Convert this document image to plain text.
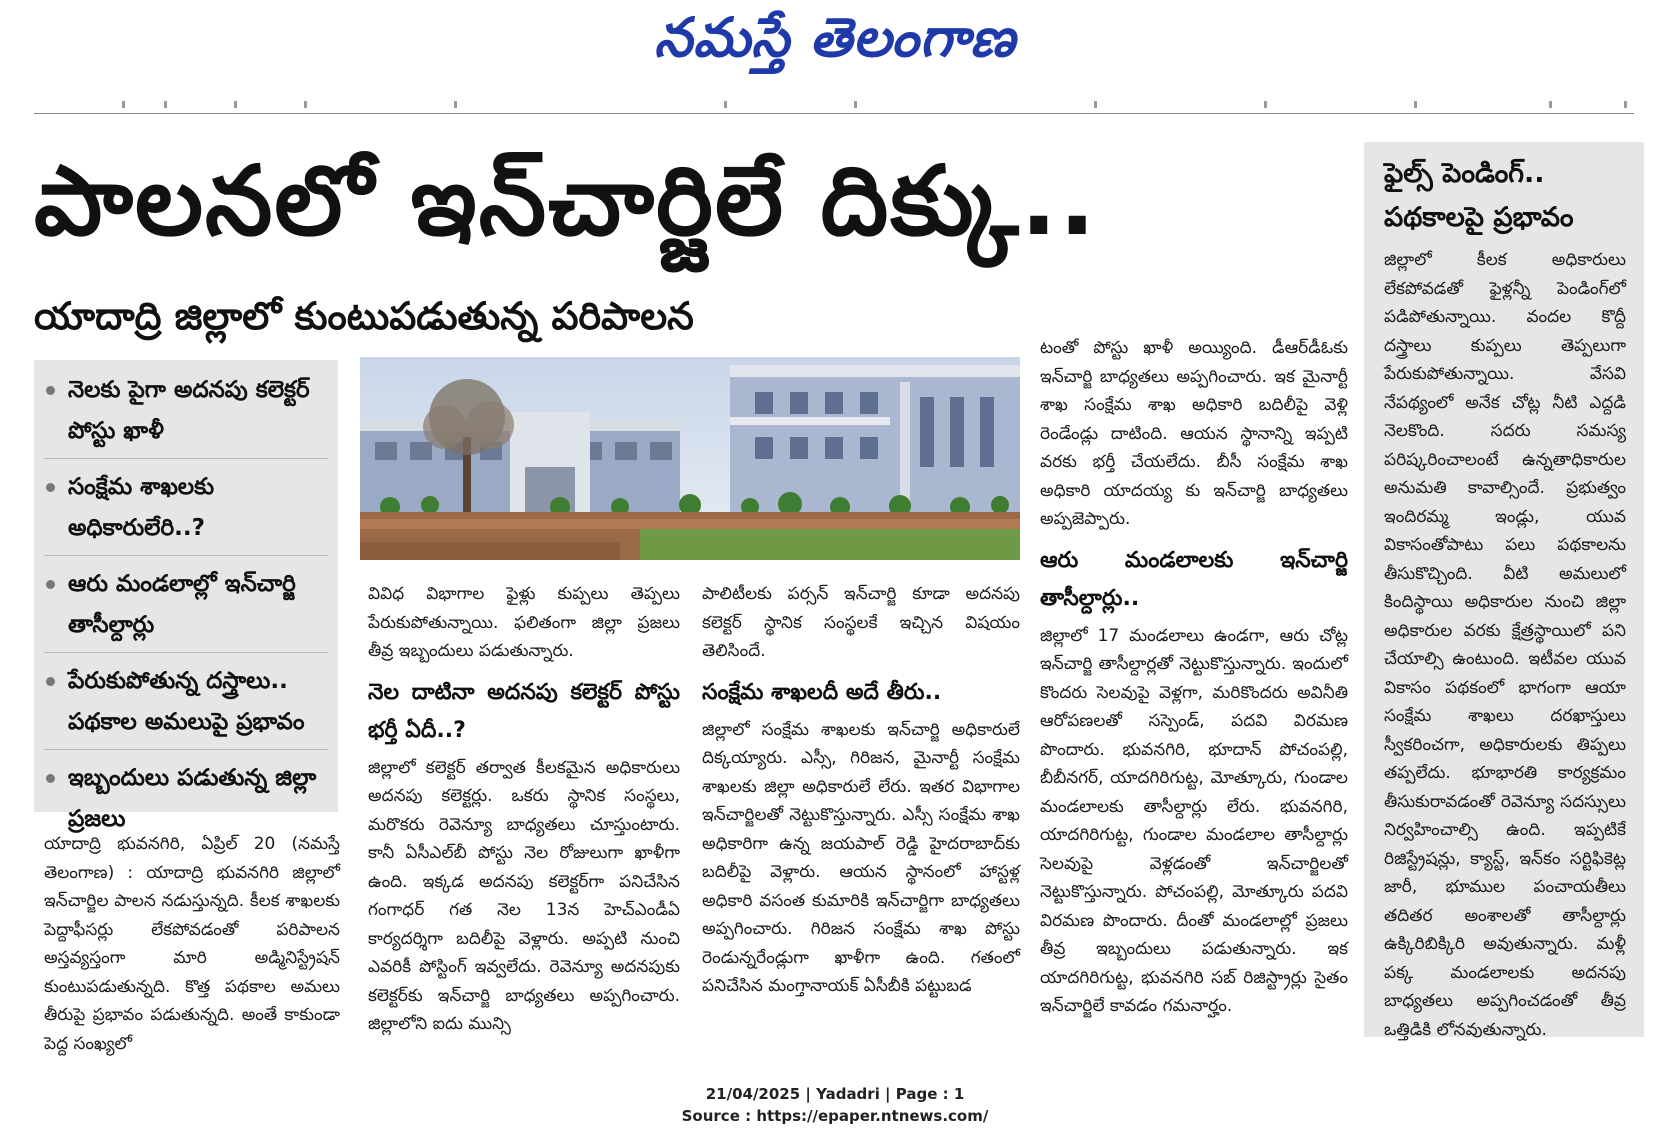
నమస్తే తెలంగాణ
పాలనలో ఇన్‌చార్జిలే దిక్కు..
యాదాద్రి జిల్లాలో కుంటుపడుతున్న పరిపాలన
నెలకు పైగా అదనపు కలెక్టర్ పోస్టు ఖాళీ
సంక్షేమ శాఖలకు అధికారులేరి..?
ఆరు మండలాల్లో ఇన్‌చార్జి తాసీల్దార్లు
పేరుకుపోతున్న దస్త్రాలు.. పథకాల అమలుపై ప్రభావం
ఇబ్బందులు పడుతున్న జిల్లా ప్రజలు

యాదాద్రి భువనగిరి, ఏప్రిల్ 20 (నమస్తే తెలంగాణ) : యాదాద్రి భువనగిరి జిల్లాలో ఇన్‌చార్జిల పాలన నడుస్తున్నది. కీలక శాఖలకు పెద్దాఫీసర్లు లేకపోవడంతో పరిపాలన అస్తవ్యస్తంగా మారి అడ్మినిస్ట్రేషన్ కుంటుపడుతున్నది. కొత్త పథకాల అమలు తీరుపై ప్రభావం పడుతున్నది. అంతే కాకుండా పెద్ద సంఖ్యలో

వివిధ విభాగాల ఫైళ్లు కుప్పలు తెప్పలు పేరుకుపోతున్నాయి. ఫలితంగా జిల్లా ప్రజలు తీవ్ర ఇబ్బందులు పడుతున్నారు.

నెల దాటినా అదనపు కలెక్టర్ పోస్టు భర్తీ ఏదీ..?

జిల్లాలో కలెక్టర్ తర్వాత కీలకమైన అధికారులు అదనపు కలెక్టర్లు. ఒకరు స్థానిక సంస్థలు, మరొకరు రెవెన్యూ బాధ్యతలు చూస్తుంటారు. కానీ ఏసీఎల్‌బీ పోస్టు నెల రోజులుగా ఖాళీగా ఉంది. ఇక్కడ అదనపు కలెక్టర్‌గా పనిచేసిన గంగాధర్ గత నెల 13న హెచ్‌ఎండీఏ కార్యదర్శిగా బదిలీపై వెళ్లారు. అప్పటి నుంచి ఎవరికీ పోస్టింగ్ ఇవ్వలేదు. రెవెన్యూ అదనపుకు కలెక్టర్‌కు ఇన్‌చార్జి బాధ్యతలు అప్పగించారు. జిల్లాలోని ఐదు మున్సి

పాలిటీలకు పర్సన్ ఇన్‌చార్జి కూడా అదనపు కలెక్టర్ స్థానిక సంస్థలకే ఇచ్చిన విషయం తెలిసిందే.

సంక్షేమ శాఖలదీ అదే తీరు..

జిల్లాలో సంక్షేమ శాఖలకు ఇన్‌చార్జి అధికారులే దిక్కయ్యారు. ఎస్సీ, గిరిజన, మైనార్టీ సంక్షేమ శాఖలకు జిల్లా అధికారులే లేరు. ఇతర విభాగాల ఇన్‌చార్జిలతో నెట్టుకొస్తున్నారు. ఎస్సీ సంక్షేమ శాఖ అధికారిగా ఉన్న జయపాల్ రెడ్డి హైదరాబాద్‌కు బదిలీపై వెళ్లారు. ఆయన స్థానంలో హాస్టళ్ల అధికారి వసంత కుమారికి ఇన్‌చార్జిగా బాధ్యతలు అప్పగించారు. గిరిజన సంక్షేమ శాఖ పోస్టు రెండున్నరేండ్లుగా ఖాళీగా ఉంది. గతంలో పనిచేసిన మంగ్తానాయక్ ఏసీబీకి పట్టుబడ

టంతో పోస్టు ఖాళీ అయ్యింది. డీఆర్‌డీఓకు ఇన్‌చార్జి బాధ్యతలు అప్పగించారు. ఇక మైనార్టీ శాఖ సంక్షేమ శాఖ అధికారి బదిలీపై వెళ్లి రెండేండ్లు దాటింది. ఆయన స్థానాన్ని ఇప్పటి వరకు భర్తీ చేయలేదు. బీసీ సంక్షేమ శాఖ అధికారి యాదయ్య కు ఇన్‌చార్జి బాధ్యతలు అప్పజెప్పారు.

ఆరు మండలాలకు ఇన్‌చార్జి తాసీల్దార్లు..

జిల్లాలో 17 మండలాలు ఉండగా, ఆరు చోట్ల ఇన్‌చార్జి తాసీల్దార్లతో నెట్టుకొస్తున్నారు. ఇందులో కొందరు సెలవుపై వెళ్లగా, మరికొందరు అవినీతి ఆరోపణలతో సస్పెండ్, పదవి విరమణ పొందారు. భువనగిరి, భూదాన్ పోచంపల్లి, బీబీనగర్, యాదగిరిగుట్ట, మోత్కూరు, గుండాల మండలాలకు తాసీల్దార్లు లేరు. భువనగిరి, యాదగిరిగుట్ట, గుండాల మండలాల తాసీల్దార్లు సెలవుపై వెళ్లడంతో ఇన్‌చార్జిలతో నెట్టుకొస్తున్నారు. పోచంపల్లి, మోత్కూరు పదవి విరమణ పొందారు. దీంతో మండలాల్లో ప్రజలు తీవ్ర ఇబ్బందులు పడుతున్నారు. ఇక యాదగిరిగుట్ట, భువనగిరి సబ్ రిజిస్ట్రార్లు సైతం ఇన్‌చార్జిలే కావడం గమనార్హం.

ఫైల్స్ పెండింగ్..
పథకాలపై ప్రభావం
జిల్లాలో కీలక అధికారులు లేకపోవడతో ఫైళ్లన్నీ పెండింగ్‌లో పడిపోతున్నాయి. వందల కొద్దీ దస్త్రాలు కుప్పలు తెప్పలుగా పేరుకుపోతున్నాయి. వేసవి నేపథ్యంలో అనేక చోట్ల నీటి ఎద్దడి నెలకొంది. సదరు సమస్య పరిష్కరించాలంటే ఉన్నతాధికారుల అనుమతి కావాల్సిందే. ప్రభుత్వం ఇందిరమ్మ ఇండ్లు, యువ వికాసంతోపాటు పలు పథకాలను తీసుకొచ్చింది. వీటి అమలులో కిందిస్థాయి అధికారుల నుంచి జిల్లా అధికారుల వరకు క్షేత్రస్థాయిలో పని చేయాల్సి ఉంటుంది. ఇటీవల యువ వికాసం పథకంలో భాగంగా ఆయా సంక్షేమ శాఖలు దరఖాస్తులు స్వీకరించగా, అధికారులకు తిప్పలు తప్పలేదు. భూభారతి కార్యక్రమం తీసుకురావడంతో రెవెన్యూ సదస్సులు నిర్వహించాల్సి ఉంది. ఇప్పటికే రిజిస్ట్రేషన్లు, క్యాస్ట్, ఇన్‌కం సర్టిఫికెట్ల జారీ, భూముల పంచాయతీలు తదితర అంశాలతో తాసీల్దార్లు ఉక్కిరిబిక్కిరి అవుతున్నారు. మళ్లీ పక్క మండలాలకు అదనపు బాధ్యతలు అప్పగించడంతో తీవ్ర ఒత్తిడికి లోనవుతున్నారు.
21/04/2025 | Yadadri | Page : 1
Source : https://epaper.ntnews.com/
